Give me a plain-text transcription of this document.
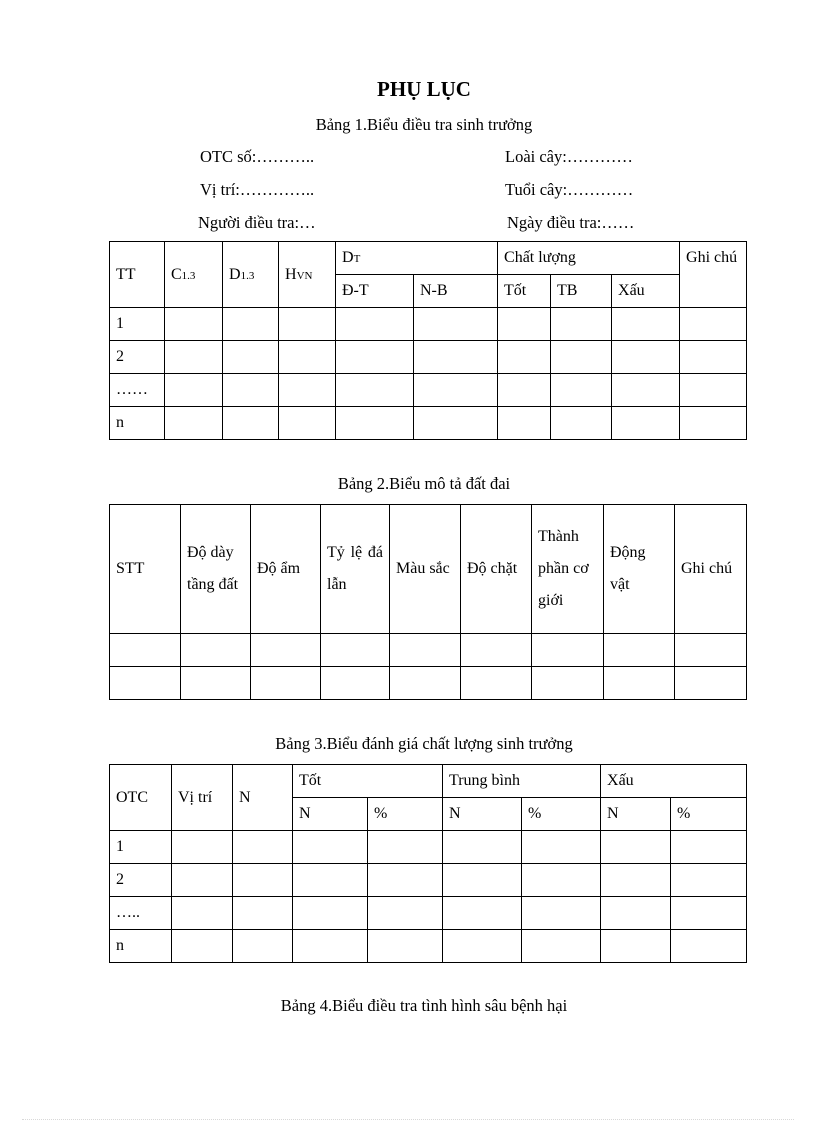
PHỤ LỤC
Bảng 1.Biểu điều tra sinh trưởng
OTC số:………..	Loài cây:…………
Vị trí:…………..	Tuổi cây:…………
Người điều tra:…	Ngày điều tra:……
TT	C1.3	D1.3	HVN	DT		Chất lượng			Ghi chú
				Đ-T	N-B	Tốt	TB	Xấu	
1									
2									
……									
n									
Bảng 2.Biểu mô tả đất đai
STT	Độ dày tầng đất	Độ ẩm	Tỷ lệ đá lẫn	Màu sắc	Độ chặt	Thành phần cơ giới	Động vật	Ghi chú

Bảng 3.Biểu đánh giá chất lượng sinh trưởng
OTC	Vị trí	N	Tốt		Trung bình		Xấu	
			N	%	N	%	N	%
1								
2								
…..								
n								
Bảng 4.Biểu điều tra tình hình sâu bệnh hại
